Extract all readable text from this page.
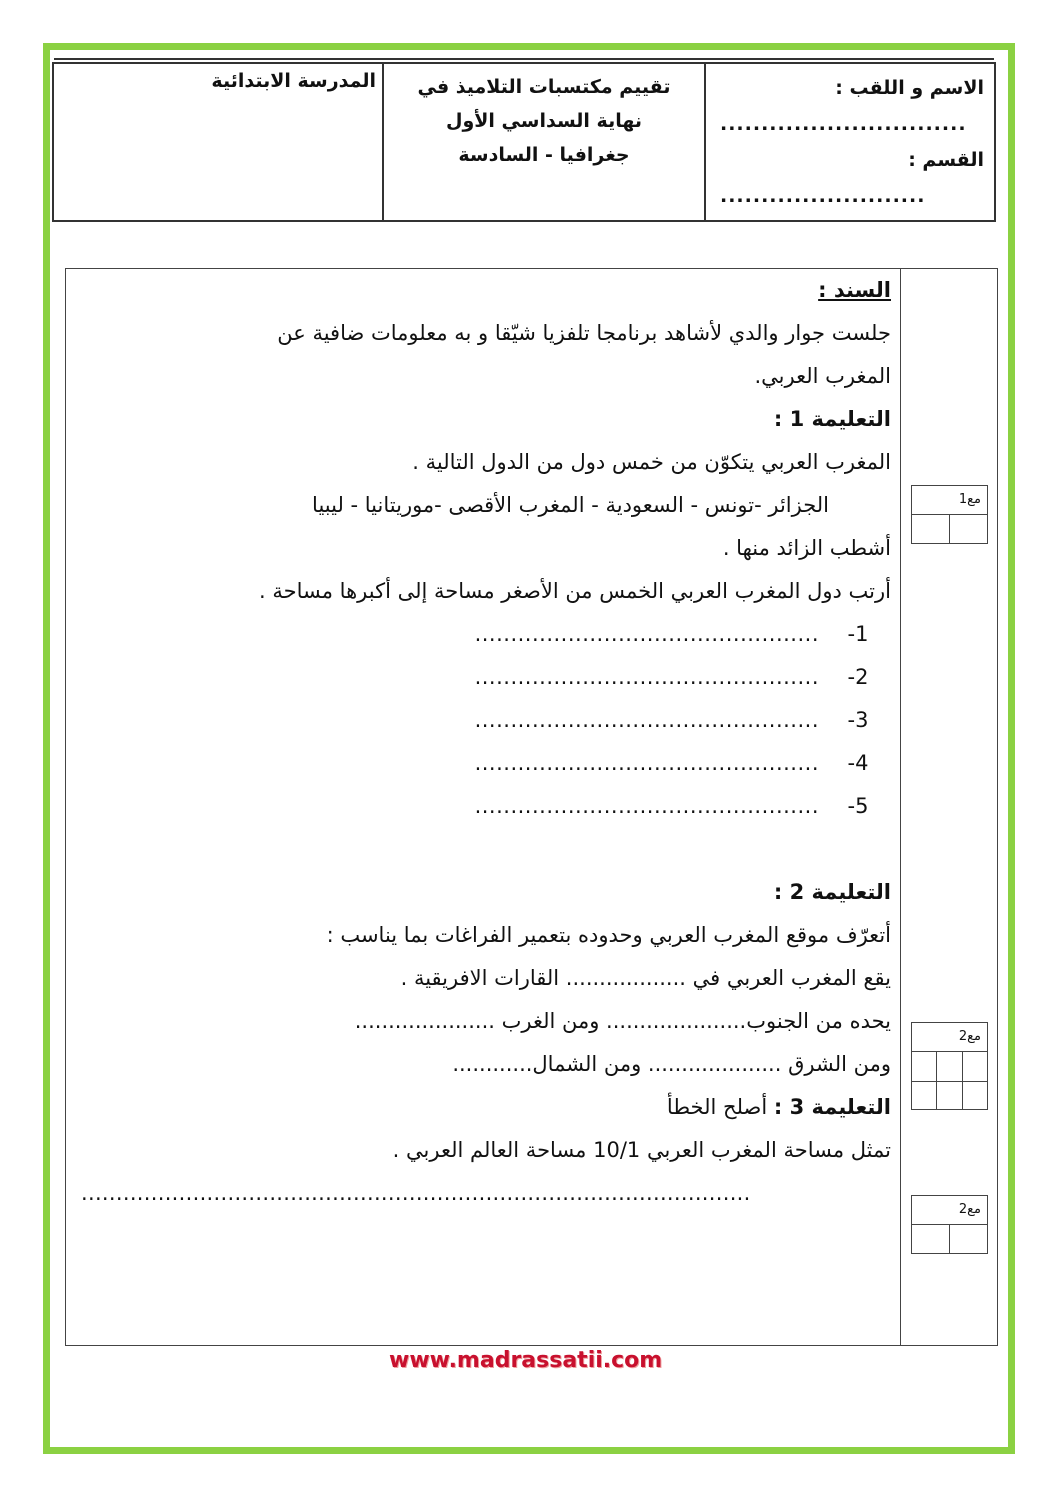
الاسم و اللقب :
..............................
القسم :
.........................
تقييم مكتسبات التلاميذ في
نهاية السداسي الأول
جغرافيا - السادسة
المدرسة الابتدائية
السند :
جلست جوار والدي لأشاهد برنامجا تلفزيا شيّقا و به معلومات ضافية عن
المغرب العربي.
التعليمة 1 :
المغرب العربي يتكوّن من خمس دول من الدول التالية .
الجزائر -تونس - السعودية - المغرب الأقصى -موريتانيا - ليبيا
أشطب الزائد منها .
أرتب دول المغرب العربي الخمس من الأصغر مساحة إلى أكبرها مساحة .
-1
................................................
-2
................................................
-3
................................................
-4
................................................
-5
................................................
التعليمة 2 :
أتعرّف موقع المغرب العربي وحدوده بتعمير الفراغات بما يناسب :
يقع المغرب العربي في .................. القارات الافريقية .
يحده من الجنوب..................... ومن الغرب .....................
ومن الشرق .................... ومن الشمال............
التعليمة 3 : أصلح الخطأ
تمثل مساحة المغرب العربي 10/1 مساحة العالم العربي .
................................................................................................
مع1
مع2
مع2
www.madrassatii.com
